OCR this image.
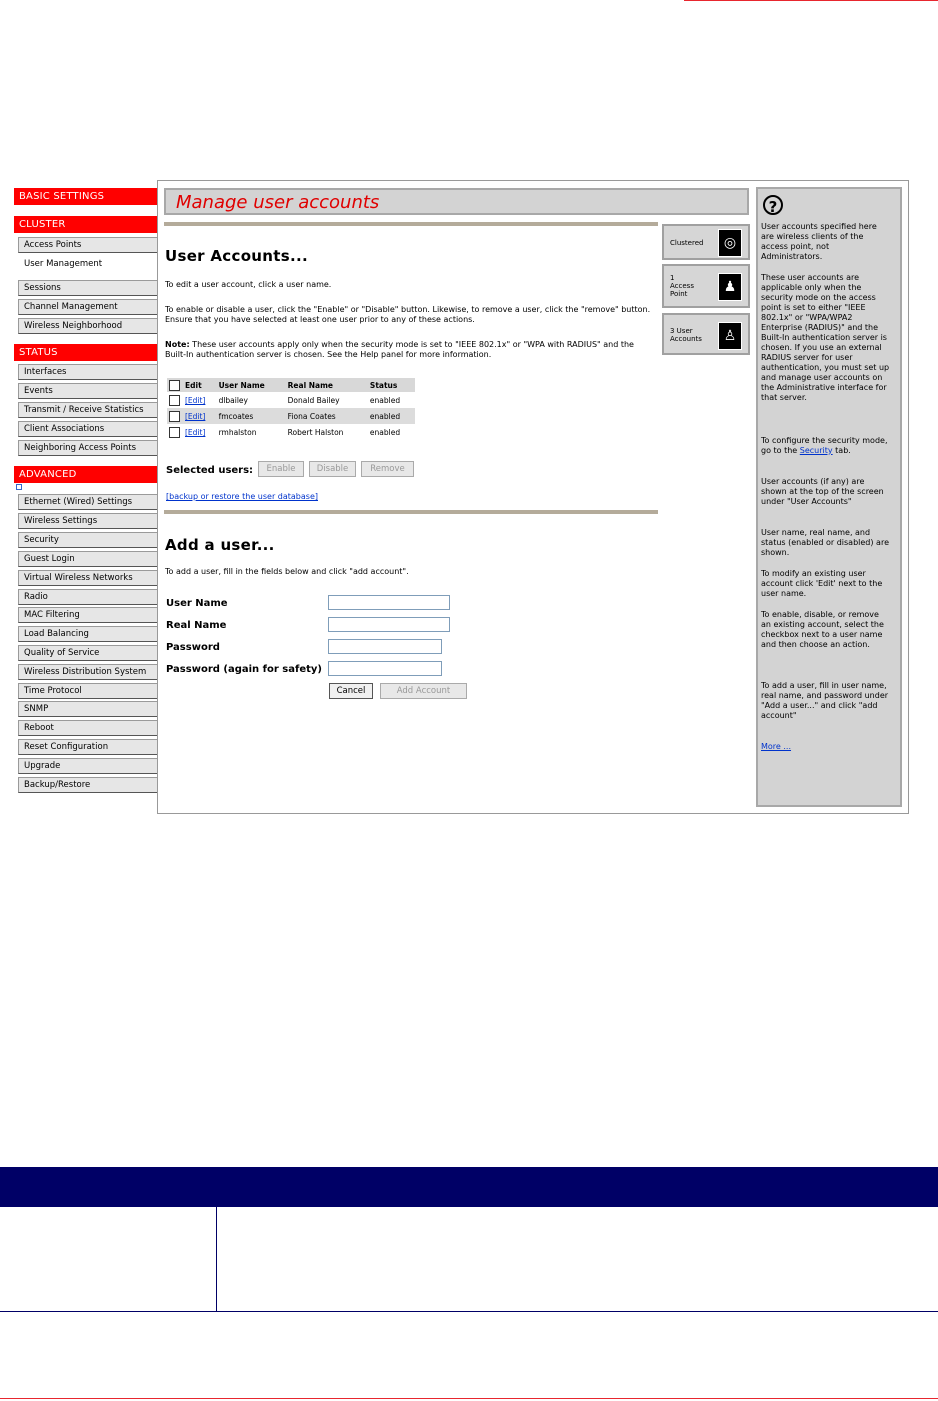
BASIC SETTINGS
CLUSTER
Access Points
User Management
Sessions
Channel Management
Wireless Neighborhood
STATUS
Interfaces
Events
Transmit / Receive Statistics
Client Associations
Neighboring Access Points
ADVANCED
Ethernet (Wired) Settings
Wireless Settings
Security
Guest Login
Virtual Wireless Networks
Radio
MAC Filtering
Load Balancing
Quality of Service
Wireless Distribution System
Time Protocol
SNMP
Reboot
Reset Configuration
Upgrade
Backup/Restore
Manage user accounts
User Accounts...
To edit a user account, click a user name.
To enable or disable a user, click the "Enable" or "Disable" button. Likewise, to remove a user, click the "remove" button. Ensure that you have selected at least one user prior to any of these actions.
Note: These user accounts apply only when the security mode is set to "IEEE 802.1x" or "WPA with RADIUS" and the Built-In authentication server is chosen. See the Help panel for more information.
	Edit	User Name	Real Name	Status
	[Edit]	dlbailey	Donald Bailey	enabled
	[Edit]	fmcoates	Fiona Coates	enabled
	[Edit]	rmhalston	Robert Halston	enabled
Selected users:	Enable	Disable	Remove
[backup or restore the user database]
Add a user...
To add a user, fill in the fields below and click "add account".
User Name
Real Name
Password
Password (again for safety)
Cancel	Add Account
Clustered	◎
1
Access Point	♟
3 User Accounts	♙
?

User accounts specified here are wireless clients of the access point, not Administrators.

These user accounts are applicable only when the security mode on the access point is set to either "IEEE 802.1x" or "WPA/WPA2 Enterprise (RADIUS)" and the Built-In authentication server is chosen. If you use an external RADIUS server for user authentication, you must set up and manage user accounts on the Administrative interface for that server.

To configure the security mode, go to the Security tab.

User accounts (if any) are shown at the top of the screen under "User Accounts"

User name, real name, and status (enabled or disabled) are shown.

To modify an existing user account click 'Edit' next to the user name.

To enable, disable, or remove an existing account, select the checkbox next to a user name and then choose an action.

To add a user, fill in user name, real name, and password under "Add a user..." and click "add account"

More ...
